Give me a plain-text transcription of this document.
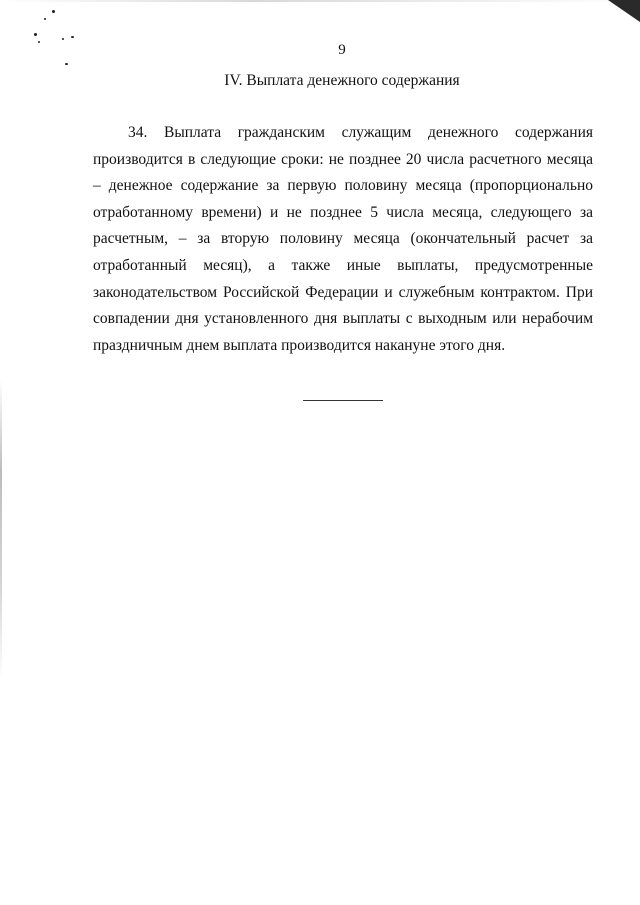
9
IV. Выплата денежного содержания

34. Выплата гражданским служащим денежного содержания производится в следующие сроки: не позднее 20 числа расчетного месяца – денежное содержание за первую половину месяца (пропорционально отработанному времени) и не позднее 5 числа месяца, следующего за расчетным, – за вторую половину месяца (окончательный расчет за отработанный месяц), а также иные выплаты, предусмотренные законодательством Российской Федерации и служебным контрактом. При совпадении дня установленного дня выплаты с выходным или нерабочим праздничным днем выплата производится накануне этого дня.
